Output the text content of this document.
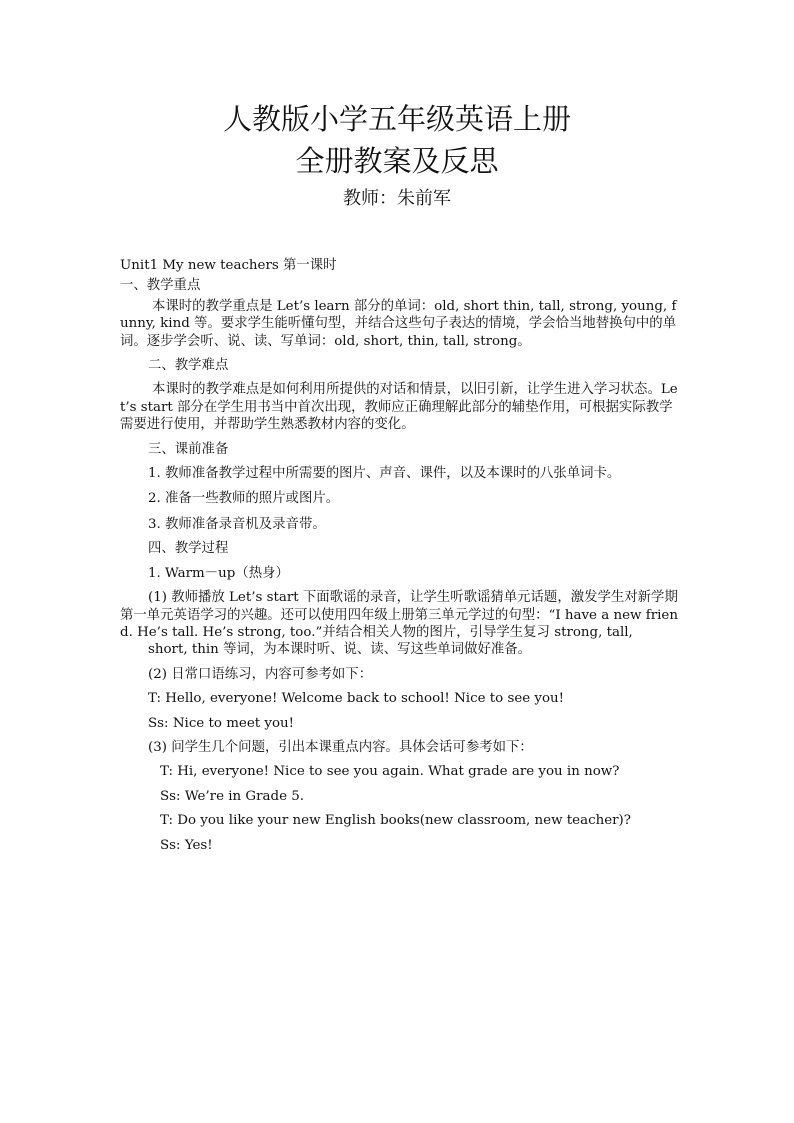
人教版小学五年级英语上册
全册教案及反思
教师：朱前军

Unit1 My new teachers 第一课时

一、教学重点

本课时的教学重点是 Let’s learn 部分的单词：old, short thin, tall, strong, young, funny, kind 等。要求学生能听懂句型，并结合这些句子表达的情境，学会恰当地替换句中的单词。逐步学会听、说、读、写单词：old, short, thin, tall, strong。

二、教学难点

本课时的教学难点是如何利用所提供的对话和情景，以旧引新，让学生进入学习状态。Let’s start 部分在学生用书当中首次出现，教师应正确理解此部分的辅垫作用，可根据实际教学需要进行使用，并帮助学生熟悉教材内容的变化。

三、课前准备

1. 教师准备教学过程中所需要的图片、声音、课件，以及本课时的八张单词卡。

2. 准备一些教师的照片或图片。

3. 教师准备录音机及录音带。

四、教学过程

1. Warm－up（热身）

(1) 教师播放 Let’s start 下面歌谣的录音，让学生听歌谣猜单元话题，激发学生对新学期第一单元英语学习的兴趣。还可以使用四年级上册第三单元学过的句型：“I have a new friend. He’s tall. He’s strong, too.”并结合相关人物的图片，引导学生复习 strong, tall,

short, thin 等词，为本课时听、说、读、写这些单词做好准备。

(2) 日常口语练习，内容可参考如下：

T: Hello, everyone! Welcome back to school! Nice to see you!

Ss: Nice to meet you!

(3) 问学生几个问题，引出本课重点内容。具体会话可参考如下：

T: Hi, everyone! Nice to see you again. What grade are you in now?

Ss: We’re in Grade 5.

T: Do you like your new English books(new classroom, new teacher)?

Ss: Yes!
